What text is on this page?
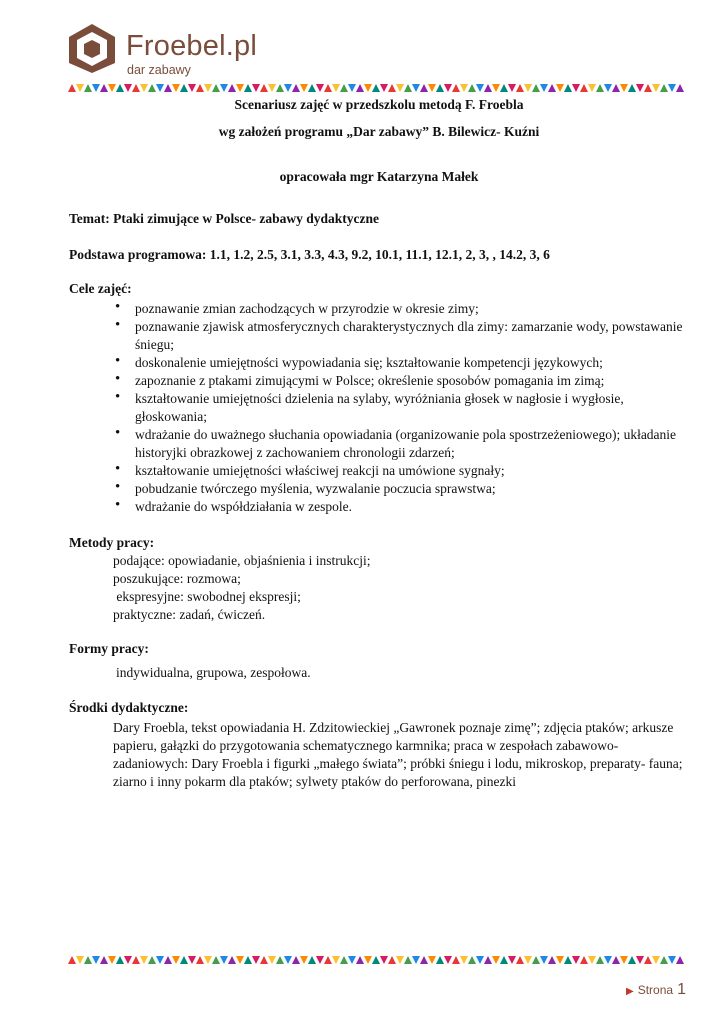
Froebel.pl
dar zabawy

Scenariusz zajęć w przedszkolu metodą F. Froebla

wg założeń programu „Dar zabawy” B. Bilewicz- Kuźni

opracowała mgr Katarzyna Małek

Temat: Ptaki zimujące w Polsce- zabawy dydaktyczne

Podstawa programowa: 1.1, 1.2, 2.5, 3.1, 3.3, 4.3, 9.2, 10.1, 11.1, 12.1, 2, 3, , 14.2, 3, 6

Cele zajęć:

• poznawanie zmian zachodzących w przyrodzie w okresie zimy;
• poznawanie zjawisk atmosferycznych charakterystycznych dla zimy: zamarzanie wody, powstawanie śniegu;
• doskonalenie umiejętności wypowiadania się; kształtowanie kompetencji językowych;
• zapoznanie z ptakami zimującymi w Polsce; określenie sposobów pomagania im zimą;
• kształtowanie umiejętności dzielenia na sylaby, wyróżniania głosek w nagłosie i wygłosie, głoskowania;
• wdrażanie do uważnego słuchania opowiadania (organizowanie pola spostrzeżeniowego); układanie historyjki obrazkowej z zachowaniem chronologii zdarzeń;
• kształtowanie umiejętności właściwej reakcji na umówione sygnały;
• pobudzanie twórczego myślenia, wyzwalanie poczucia sprawstwa;
• wdrażanie do współdziałania w zespole.

Metody pracy:

podające: opowiadanie, objaśnienia i instrukcji;

poszukujące: rozmowa;

ekspresyjne: swobodnej ekspresji;

praktyczne: zadań, ćwiczeń.

Formy pracy:

indywidualna, grupowa, zespołowa.

Środki dydaktyczne:

Dary Froebla, tekst opowiadania H. Zdzitowieckiej „Gawronek poznaje zimę”; zdjęcia ptaków; arkusze papieru, gałązki do przygotowania schematycznego karmnika; praca w zespołach zabawowo- zadaniowych: Dary Froebla i figurki „małego świata”; próbki śniegu i lodu, mikroskop, preparaty- fauna; ziarno i inny pokarm dla ptaków; sylwety ptaków do perforowana, pinezki

▶ Strona 1
